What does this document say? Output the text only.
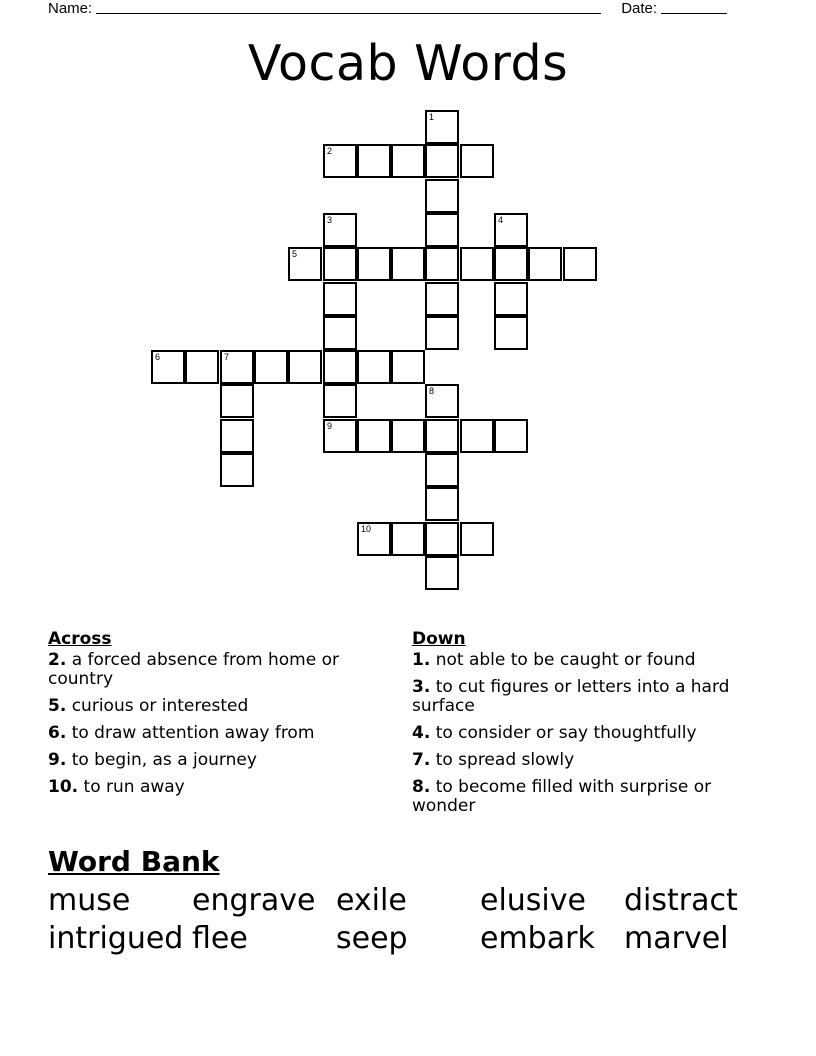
Name:	Date:
Vocab Words
1
2
3
9
4
5
6	7
8
10
Across
2. a forced absence from home or country
5. curious or interested
6. to draw attention away from
9. to begin, as a journey
10. to run away
Down
1. not able to be caught or found
3. to cut figures or letters into a hard surface
4. to consider or say thoughtfully
7. to spread slowly
8. to become filled with surprise or wonder
Word Bank
muse engrave exile elusive distract
intrigued flee	seep embark marvel
